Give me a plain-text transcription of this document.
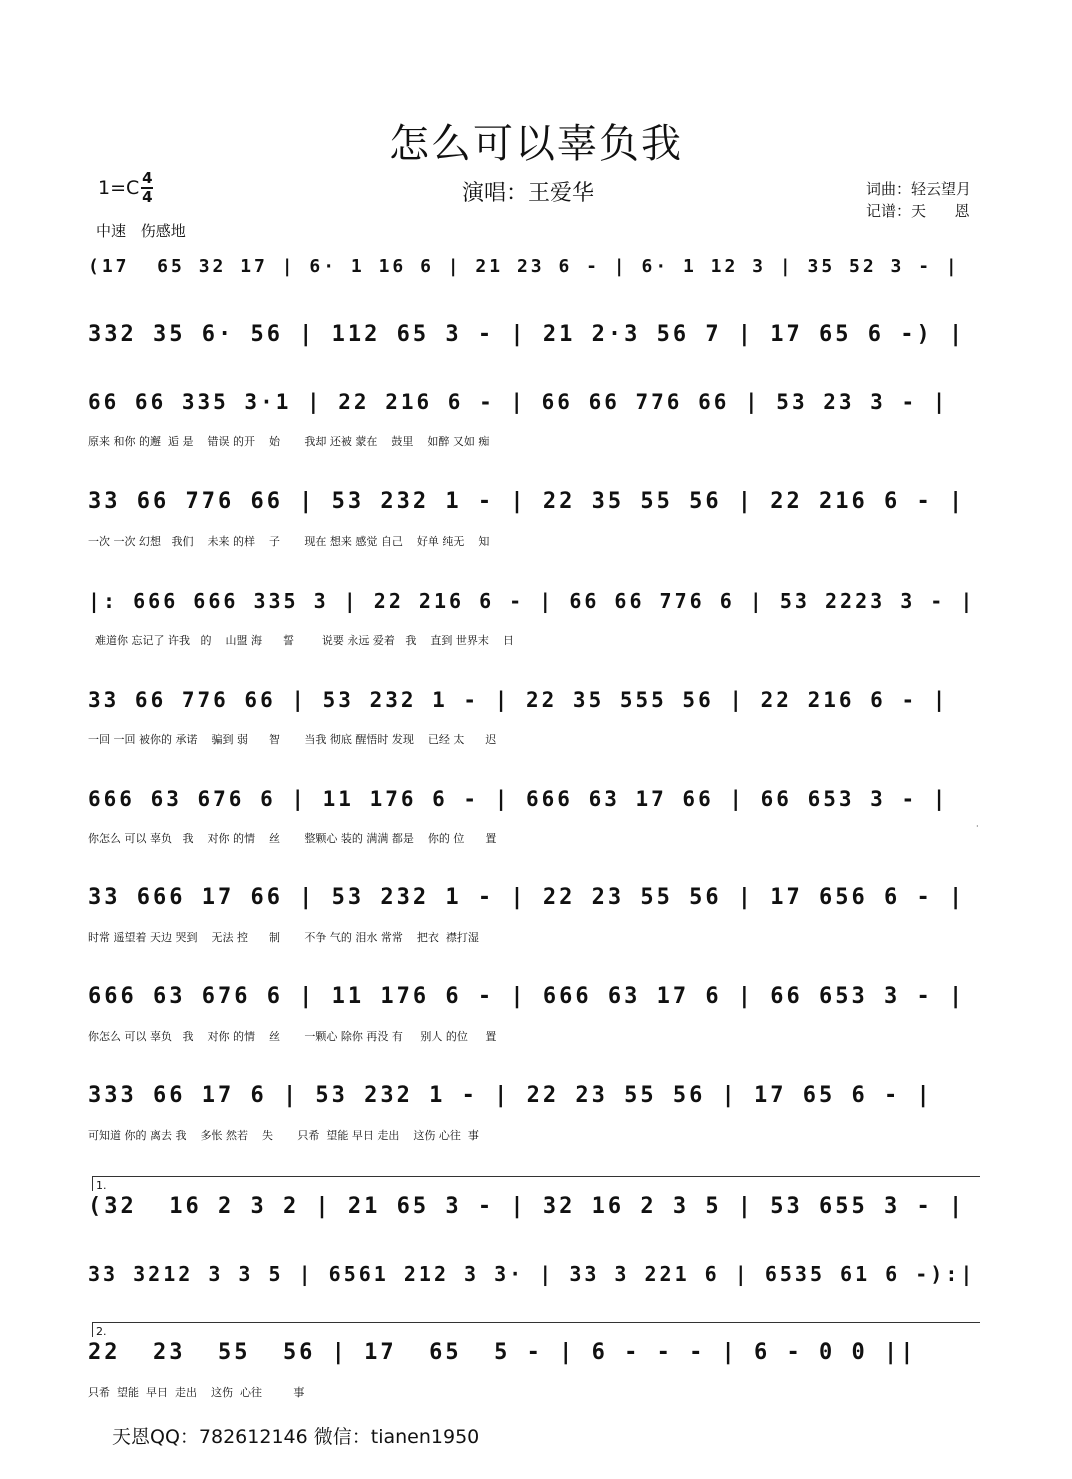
怎么可以辜负我
1=C 4
4
中速 伤感地
演唱：王爱华	词曲：轻云望月
记谱：天      恩
(17  65 32 17 | 6· 1 16 6 | 21 23 6 - | 6· 1 12 3 | 35 52 3 - |
332 35 6· 56 | 112 65 3 - | 21 2·3 56 7 | 17 65 6 -) |
66 66 335 3·1 | 22 216 6 - | 66 66 776 66 | 53 23 3 - |
原来 和你 的邂  逅 是    错误 的开    始       我却 还被 蒙在    鼓里    如醉 又如 痴
33 66 776 66 | 53 232 1 - | 22 35 55 56 | 22 216 6 - |
一次 一次 幻想   我们    未来 的样    子       现在 想来 感觉 自己    好单 纯无    知
|: 666 666 335 3 | 22 216 6 - | 66 66 776 6 | 53 2223 3 - |
难道你 忘记了 许我   的    山盟 海      誓        说要 永远 爱着   我    直到 世界末    日
33 66 776 66 | 53 232 1 - | 22 35 555 56 | 22 216 6 - |
一回 一回 被你的 承诺    骗到 弱      智       当我 彻底 醒悟时 发现    已经 太      迟
666 63 676 6 | 11 176 6 - | 666 63 17 66 | 66 653 3 - |
你怎么 可以 辜负   我    对你 的情    丝       整颗心 装的 满满 都是    你的 位      置
33 666 17 66 | 53 232 1 - | 22 23 55 56 | 17 656 6 - |
时常 遥望着 天边 哭到    无法 控      制       不争 气的 泪水 常常    把衣  襟打湿
666 63 676 6 | 11 176 6 - | 666 63 17 6 | 66 653 3 - |
你怎么 可以 辜负   我    对你 的情    丝       一颗心 除你 再没 有     别人 的位     置
333 66 17 6 | 53 232 1 - | 22 23 55 56 | 17 65 6 - |
可知道 你的 离去 我    多怅 然若    失       只希  望能 早日 走出    这伤 心往  事
(32  16 2 3 2 | 21 65 3 - | 32 16 2 3 5 | 53 655 3 - |
33 3212 3 3 5 | 6561 212 3 3· | 33 3 221 6 | 6535 61 6 -):|
22  23  55  56 | 17  65  5 - | 6 - - - | 6 - 0 0 ||
只希  望能  早日  走出    这伤  心往         事
1.
2.
天恩QQ：782612146 微信：tianen1950
·
